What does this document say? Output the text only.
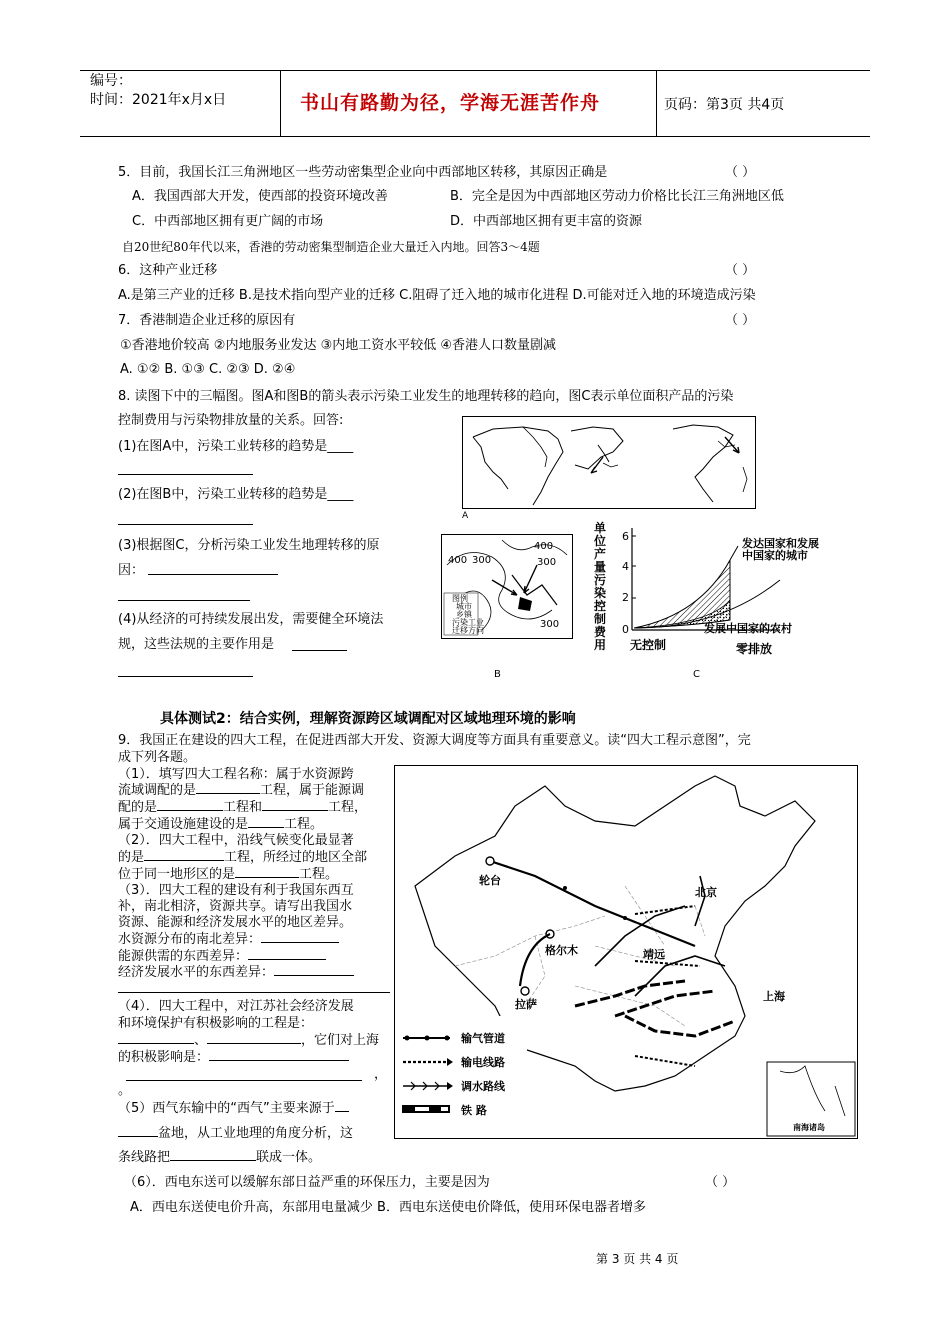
编号：
时间：2021年x月x日	书山有路勤为径，学海无涯苦作舟	页码：第3页 共4页
5．目前，我国长江三角洲地区一些劳动密集型企业向中西部地区转移，其原因正确是	（ ）
A．我国西部大开发，使西部的投资环境改善	B．完全是因为中西部地区劳动力价格比长江三角洲地区低
C．中西部地区拥有更广阔的市场	D．中西部地区拥有更丰富的资源
自20世纪80年代以来，香港的劳动密集型制造企业大量迁入内地。回答3～4题
6．这种产业迁移	（ ）
A.是第三产业的迁移 B.是技术指向型产业的迁移 C.阻碍了迁入地的城市化进程 D.可能对迁入地的环境造成污染
7．香港制造企业迁移的原因有	（ ）
①香港地价较高 ②内地服务业发达 ③内地工资水平较低 ④香港人口数量剧减
A. ①② B. ①③ C. ②③ D. ②④
8. 读图下中的三幅图。图A和图B的箭头表示污染工业发生的地理转移的趋向，图C表示单位面积产品的污染
控制费用与污染物排放量的关系。回答:
(1)在图A中，污染工业转移的趋势是____
(2)在图B中，污染工业转移的趋势是____
(3)根据图C，分析污染工业发生地理转移的原
因：
(4)从经济的可持续发展出发，需要健全环境法
规，这些法规的主要作用是
A
400
300
300
400
300
图例
城市
乡镇
污染工业
迁移方向
B
单位产量污染控制费用
0
2
4
6
无控制	零排放
发达国家和发展中国家的城市
发展中国家的农村
C
具体测试2：结合实例，理解资源跨区域调配对区域地理环境的影响
9．我国正在建设的四大工程，在促进西部大开发、资源大调度等方面具有重要意义。读“四大工程示意图”，完
成下列各题。
（1）．填写四大工程名称：属于水资源跨
流域调配的是	工程，属于能源调
配的是	工程和	工程，
属于交通设施建设的是	工程。
（2）．四大工程中，沿线气候变化最显著
的是	工程，所经过的地区全部
位于同一地形区的是	工程。
（3）．四大工程的建设有利于我国东西互
补，南北相济，资源共享。请写出我国水
资源、能源和经济发展水平的地区差异。
水资源分布的南北差异：
能源供需的东西差异：
经济发展水平的东西差异：
（4）．四大工程中，对江苏社会经济发展
和环境保护有积极影响的工程是：
、	，它们对上海
的积极影响是：
，
。
（5）西气东输中的“西气”主要来源于
盆地，从工业地理的角度分析，这
条线路把	联成一体。
（6）．西电东送可以缓解东部日益严重的环保压力，主要是因为	（ ）
A．西电东送使电价升高，东部用电量减少 B．西电东送使电价降低，使用环保电器者增多
轮台
北京
格尔木	靖远
拉萨
上海
输气管道
输电线路
调水路线
铁 路
南海诸岛
第 3 页 共 4 页
